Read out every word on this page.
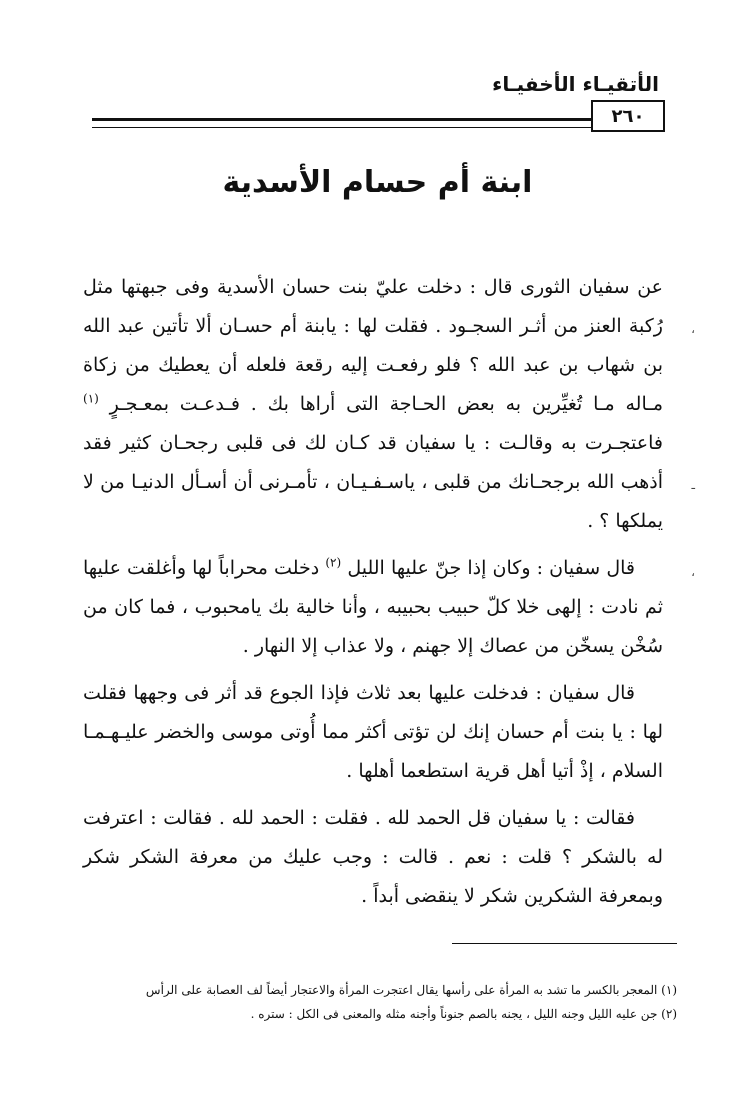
الأتقيـاء الأخفيـاء
٢٦٠
ابنة أم حسام الأسدية

عن سفيان الثورى قال : دخلت عليّ بنت حسان الأسدية وفى جبهتها مثل رُكبة العنز من أثـر السجـود . فقلت لها : يابنة أم حسـان ألا تأتين عبد الله بن شهاب بن عبد الله ؟ فلو رفعـت إليه رقعة فلعله أن يعطيك من زكاة مـاله مـا تُغيِّرين به بعض الحـاجة التى أراها بك . فـدعـت بمعـجـرٍ $^{(١)}$ فاعتجـرت به وقالـت : يا سفيان قد كـان لك فى قلبى رجحـان كثير فقد أذهب الله برجحـانك من قلبى ، ياسـفـيـان ، تأمـرنى أن أسـأل الدنيـا من لا يملكها ؟ .

قال سفيان : وكان إذا جنّ عليها الليل $^{(٢)}$ دخلت محراباً لها وأغلقت عليها ثم نادت : إلهى خلا كلّ حبيب بحبيبه ، وأنا خالية بك يامحبوب ، فما كان من سُخْن يسخّن من عصاك إلا جهنم ، ولا عذاب إلا النهار .

قال سفيان : فدخلت عليها بعد ثلاث فإذا الجوع قد أثر فى وجهها فقلت لها : يا بنت أم حسان إنك لن تؤتى أكثر مما أُوتى موسى والخضر عليـهـمـا السلام ، إذْ أتيا أهل قرية استطعما أهلها .

فقالت : يا سفيان قل الحمد لله . فقلت : الحمد لله . فقالت : اعترفت له بالشكر ؟ قلت : نعم . قالت : وجب عليك من معرفة الشكر شكر وبمعرفة الشكرين شكر لا ينقضى أبداً .

،
ـ
،
(١) المعجر بالكسر ما تشد به المرأة على رأسها يقال اعتجرت المرأة والاعتجار أيضاً لف العصابة على الرأس
(٢) جن عليه الليل وجنه الليل ، يجنه بالصم جنوناً وأجنه مثله والمعنى فى الكل : ستره .
